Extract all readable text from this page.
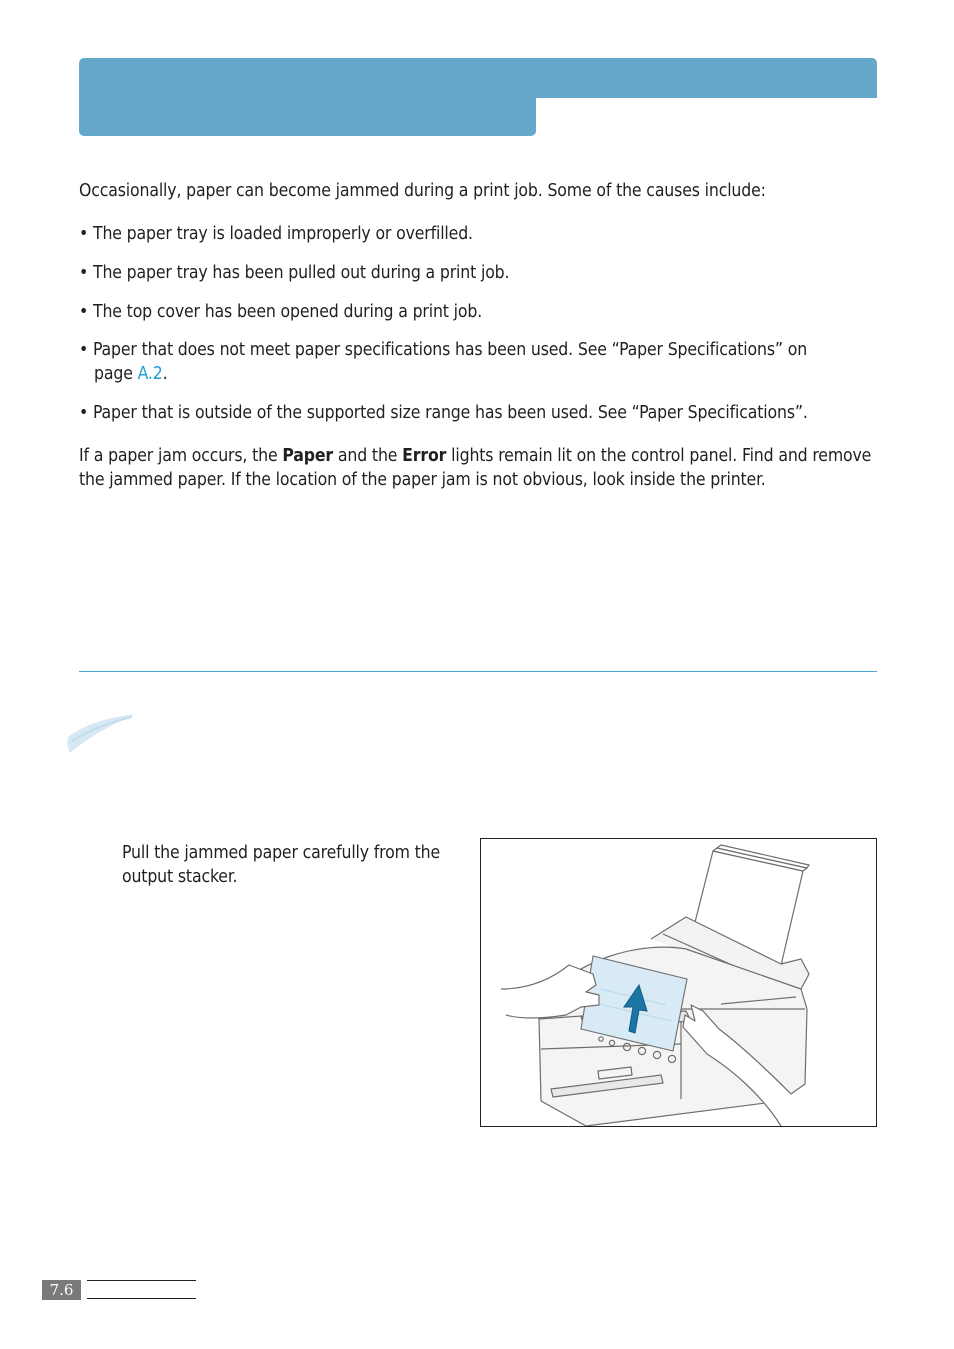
Occasionally, paper can become jammed during a print job. Some of the causes include:

• The paper tray is loaded improperly or overfilled.

• The paper tray has been pulled out during a print job.

• The top cover has been opened during a print job.

• Paper that does not meet paper specifications has been used. See “Paper Specifications” on
page A.2.

• Paper that is outside of the supported size range has been used. See “Paper Specifications”.

If a paper jam occurs, the Paper and the Error lights remain lit on the control panel. Find and remove the jammed paper. If the location of the paper jam is not obvious, look inside the printer.

Pull the jammed paper carefully from the output stacker.

7.6
